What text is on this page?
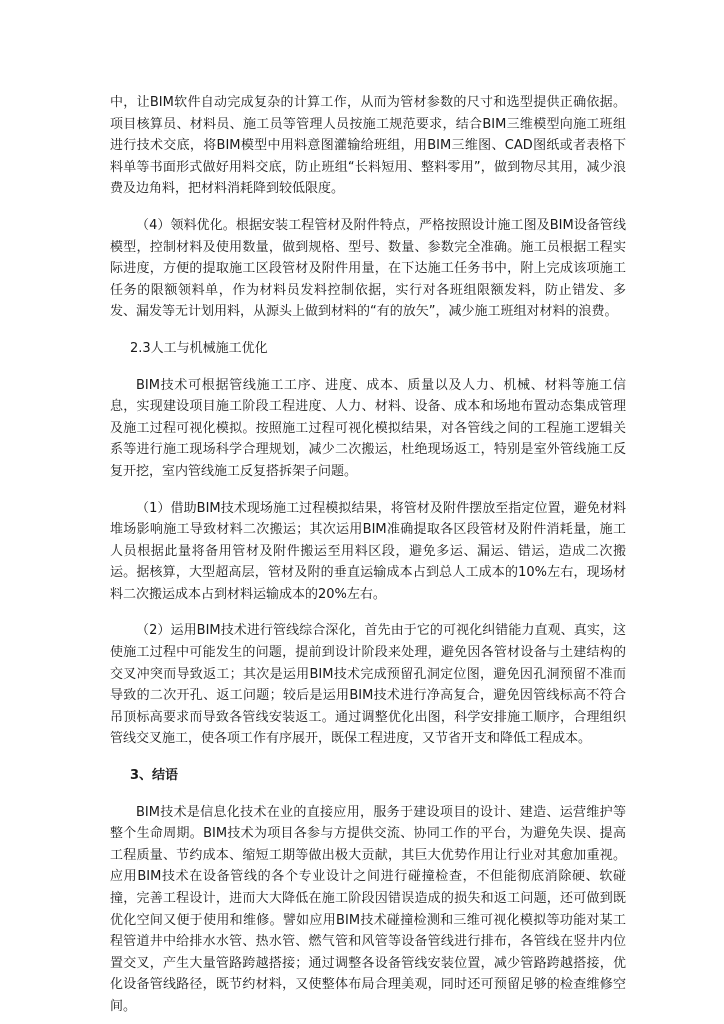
中，让BIM软件自动完成复杂的计算工作，从而为管材参数的尺寸和选型提供正确依据。项目核算员、材料员、施工员等管理人员按施工规范要求，结合BIM三维模型向施工班组进行技术交底，将BIM模型中用料意图灌输给班组，用BIM三维图、CAD图纸或者表格下料单等书面形式做好用料交底，防止班组“长料短用、整料零用”，做到物尽其用，减少浪费及边角料，把材料消耗降到较低限度。

（4）领料优化。根据安装工程管材及附件特点，严格按照设计施工图及BIM设备管线模型，控制材料及使用数量，做到规格、型号、数量、参数完全准确。施工员根据工程实际进度，方便的提取施工区段管材及附件用量，在下达施工任务书中，附上完成该项施工任务的限额领料单，作为材料员发料控制依据，实行对各班组限额发料，防止错发、多发、漏发等无计划用料，从源头上做到材料的“有的放矢”，减少施工班组对材料的浪费。

2.3人工与机械施工优化

BIM技术可根据管线施工工序、进度、成本、质量以及人力、机械、材料等施工信息，实现建设项目施工阶段工程进度、人力、材料、设备、成本和场地布置动态集成管理及施工过程可视化模拟。按照施工过程可视化模拟结果，对各管线之间的工程施工逻辑关系等进行施工现场科学合理规划，减少二次搬运，杜绝现场返工，特别是室外管线施工反复开挖，室内管线施工反复搭拆架子问题。

（1）借助BIM技术现场施工过程模拟结果，将管材及附件摆放至指定位置，避免材料堆场影响施工导致材料二次搬运；其次运用BIM准确提取各区段管材及附件消耗量，施工人员根据此量将备用管材及附件搬运至用料区段，避免多运、漏运、错运，造成二次搬运。据核算，大型超高层，管材及附的垂直运输成本占到总人工成本的10%左右，现场材料二次搬运成本占到材料运输成本的20%左右。

（2）运用BIM技术进行管线综合深化，首先由于它的可视化纠错能力直观、真实，这使施工过程中可能发生的问题，提前到设计阶段来处理，避免因各管材设备与土建结构的交叉冲突而导致返工；其次是运用BIM技术完成预留孔洞定位图，避免因孔洞预留不准而导致的二次开孔、返工问题；较后是运用BIM技术进行净高复合，避免因管线标高不符合吊顶标高要求而导致各管线安装返工。通过调整优化出图，科学安排施工顺序，合理组织管线交叉施工，使各项工作有序展开，既保工程进度，又节省开支和降低工程成本。

3、结语

BIM技术是信息化技术在业的直接应用，服务于建设项目的设计、建造、运营维护等整个生命周期。BIM技术为项目各参与方提供交流、协同工作的平台，为避免失误、提高工程质量、节约成本、缩短工期等做出极大贡献，其巨大优势作用让行业对其愈加重视。应用BIM技术在设备管线的各个专业设计之间进行碰撞检查，不但能彻底消除硬、软碰撞，完善工程设计，进而大大降低在施工阶段因错误造成的损失和返工问题，还可做到既优化空间又便于使用和维修。譬如应用BIM技术碰撞检测和三维可视化模拟等功能对某工程管道井中给排水水管、热水管、燃气管和风管等设备管线进行排布，各管线在竖井内位置交叉，产生大量管路跨越搭接；通过调整各设备管线安装位置，减少管路跨越搭接，优化设备管线路径，既节约材料，又使整体布局合理美观，同时还可预留足够的检查维修空间。
